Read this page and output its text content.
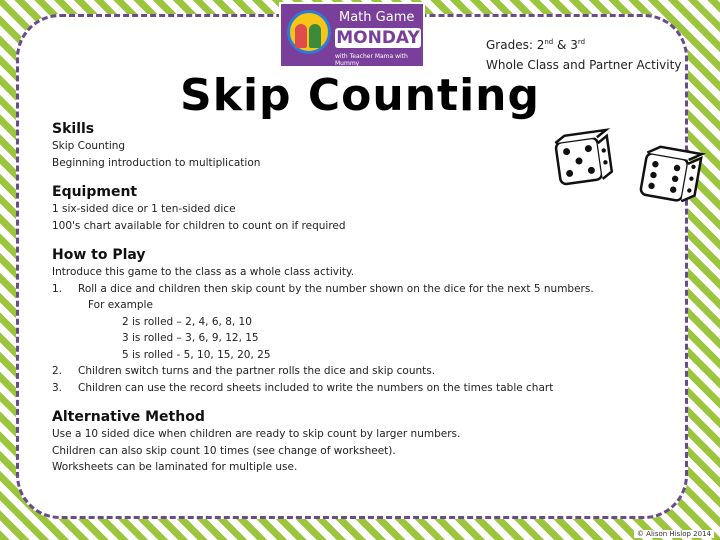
Math Game
MONDAY
with Teacher Mama with Mummy
Grades: 2nd & 3rd
Whole Class and Partner Activity
Skip Counting
Skills
Skip Counting
Beginning introduction to multiplication
Equipment
1 six-sided dice or 1 ten-sided dice
100's chart available for children to count on if required
How to Play
Introduce this game to the class as a whole class activity.
1.	Roll a dice and children then skip count by the number shown on the dice for the next 5 numbers.
For example
2 is rolled – 2, 4, 6, 8, 10
3 is rolled – 3, 6, 9, 12, 15
5 is rolled - 5, 10, 15, 20, 25
2.	Children switch turns and the partner rolls the dice and skip counts.
3.	Children can use the record sheets included to write the numbers on the times table chart
Alternative Method
Use a 10 sided dice when children are ready to skip count by larger numbers.
Children can also skip count 10 times (see change of worksheet).
Worksheets can be laminated for multiple use.
© Alison Hislop 2014
